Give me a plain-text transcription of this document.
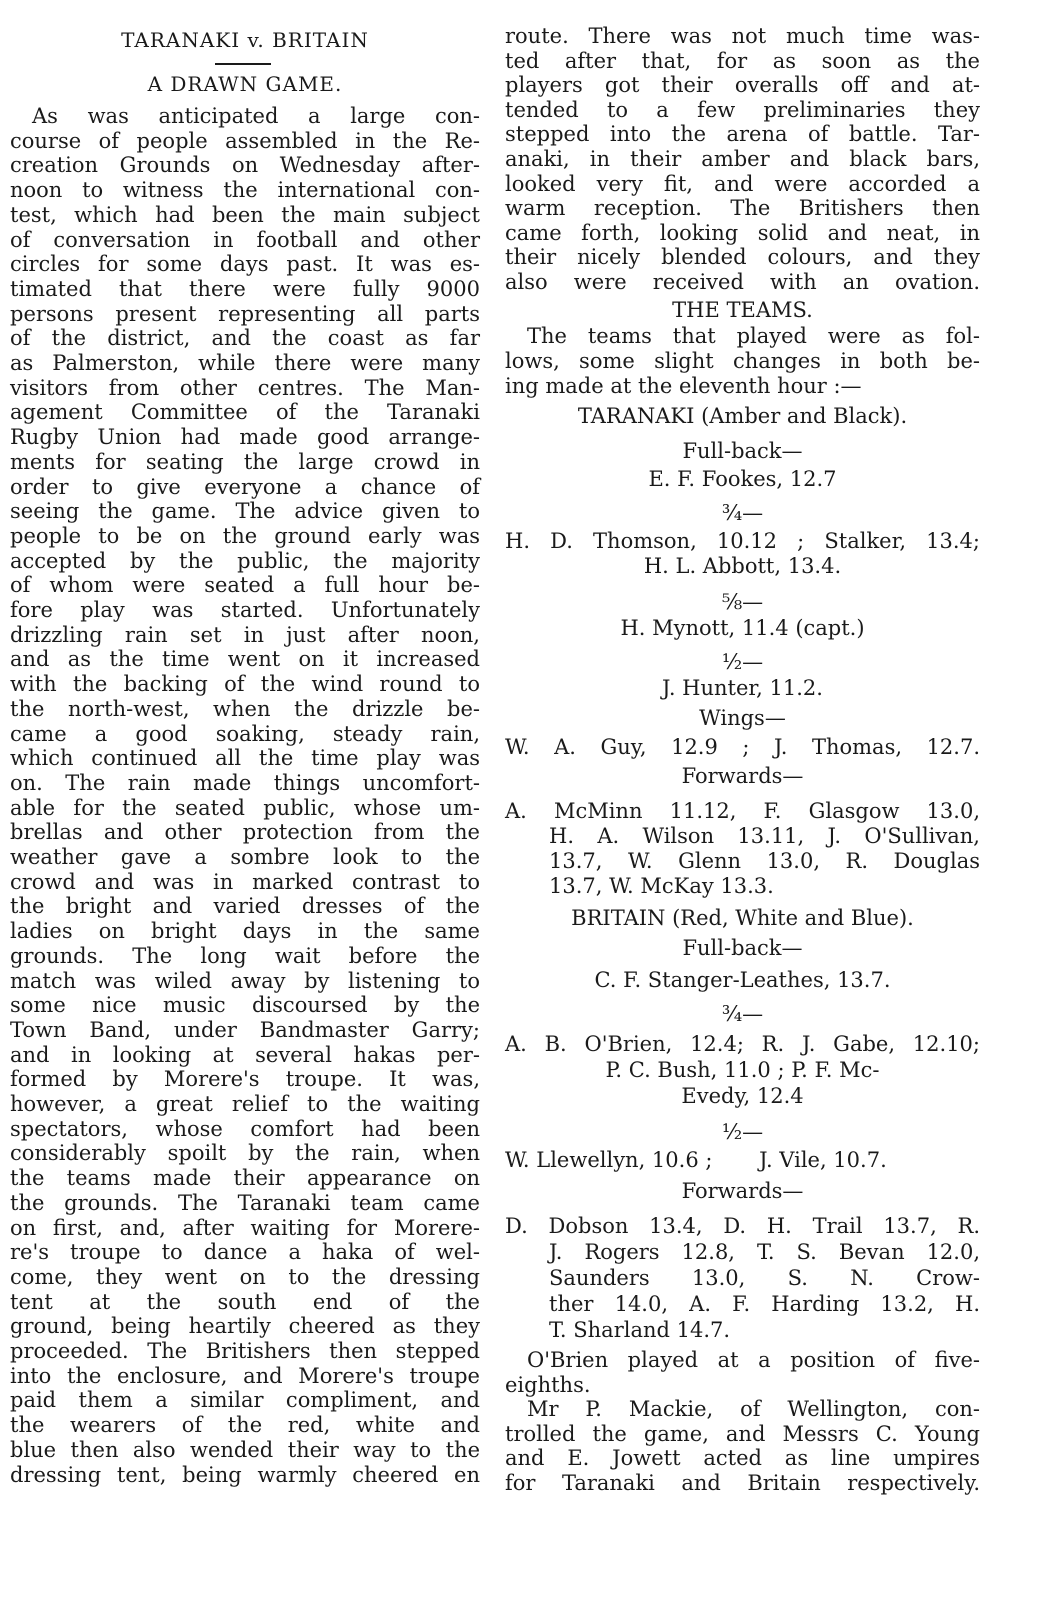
TARANAKI v. BRITAIN
A DRAWN GAME.
As was anticipated a large con-
course of people assembled in the Re-
creation Grounds on Wednesday after-
noon to witness the international con-
test, which had been the main subject
of conversation in football and other
circles for some days past. It was es-
timated that there were fully 9000
persons present representing all parts
of the district, and the coast as far
as Palmerston, while there were many
visitors from other centres. The Man-
agement Committee of the Taranaki
Rugby Union had made good arrange-
ments for seating the large crowd in
order to give everyone a chance of
seeing the game. The advice given to
people to be on the ground early was
accepted by the public, the majority
of whom were seated a full hour be-
fore play was started. Unfortunately
drizzling rain set in just after noon,
and as the time went on it increased
with the backing of the wind round to
the north-west, when the drizzle be-
came a good soaking, steady rain,
which continued all the time play was
on. The rain made things uncomfort-
able for the seated public, whose um-
brellas and other protection from the
weather gave a sombre look to the
crowd and was in marked contrast to
the bright and varied dresses of the
ladies on bright days in the same
grounds. The long wait before the
match was wiled away by listening to
some nice music discoursed by the
Town Band, under Bandmaster Garry;
and in looking at several hakas per-
formed by Morere's troupe. It was,
however, a great relief to the waiting
spectators, whose comfort had been
considerably spoilt by the rain, when
the teams made their appearance on
the grounds. The Taranaki team came
on first, and, after waiting for Morere-
re's troupe to dance a haka of wel-
come, they went on to the dressing
tent at the south end of the
ground, being heartily cheered as they
proceeded. The Britishers then stepped
into the enclosure, and Morere's troupe
paid them a similar compliment, and
the wearers of the red, white and
blue then also wended their way to the
dressing tent, being warmly cheered en
route. There was not much time was-
ted after that, for as soon as the
players got their overalls off and at-
tended to a few preliminaries they
stepped into the arena of battle. Tar-
anaki, in their amber and black bars,
looked very fit, and were accorded a
warm reception. The Britishers then
came forth, looking solid and neat, in
their nicely blended colours, and they
also were received with an ovation.
THE TEAMS.
The teams that played were as fol-
lows, some slight changes in both be-
ing made at the eleventh hour :—
TARANAKI (Amber and Black).
Full-back—
E. F. Fookes, 12.7
¾—
H. D. Thomson, 10.12 ; Stalker, 13.4;
H. L. Abbott, 13.4.
⅝—
H. Mynott, 11.4 (capt.)
½—
J. Hunter, 11.2.
Wings—
W. A. Guy, 12.9 ; J. Thomas, 12.7.
Forwards—
A. McMinn 11.12, F. Glasgow 13.0,
H. A. Wilson 13.11, J. O'Sullivan,
13.7, W. Glenn 13.0, R. Douglas
13.7, W. McKay 13.3.
BRITAIN (Red, White and Blue).
Full-back—
C. F. Stanger-Leathes, 13.7.
¾—
A. B. O'Brien, 12.4; R. J. Gabe, 12.10;
P. C. Bush, 11.0 ; P. F. Mc-
Evedy, 12.4
½—
W. Llewellyn, 10.6 ;       J. Vile, 10.7.
Forwards—
D. Dobson 13.4, D. H. Trail 13.7, R.
J. Rogers 12.8, T. S. Bevan 12.0,
Saunders 13.0, S. N. Crow-
ther 14.0, A. F. Harding 13.2, H.
T. Sharland 14.7.
O'Brien played at a position of five-
eighths.
Mr P. Mackie, of Wellington, con-
trolled the game, and Messrs C. Young
and E. Jowett acted as line umpires
for Taranaki and Britain respectively.
